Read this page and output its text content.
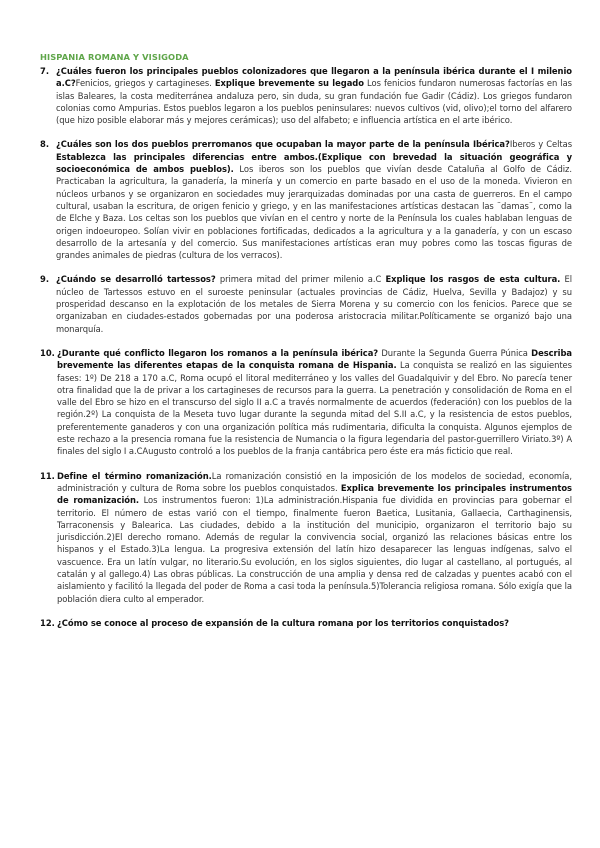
HISPANIA ROMANA Y VISIGODA
7. ¿Cuáles fueron los principales pueblos colonizadores que llegaron a la península ibérica durante el I milenio a.C?Fenicios, griegos y cartagineses. Explique brevemente su legado Los fenicios fundaron numerosas factorías en las islas Baleares, la costa mediterránea andaluza pero, sin duda, su gran fundación fue Gadir (Cádiz). Los griegos fundaron colonias como Ampurias. Estos pueblos legaron a los pueblos peninsulares: nuevos cultivos (vid, olivo);el torno del alfarero (que hizo posible elaborar más y mejores cerámicas); uso del alfabeto; e influencia artística en el arte ibérico.
8. ¿Cuáles son los dos pueblos prerromanos que ocupaban la mayor parte de la península Ibérica?Iberos y Celtas Establezca las principales diferencias entre ambos.(Explique con brevedad la situación geográfica y socioeconómica de ambos pueblos). Los iberos son los pueblos que vivían desde Cataluña al Golfo de Cádiz. Practicaban la agricultura, la ganadería, la minería y un comercio en parte basado en el uso de la moneda. Vivieron en núcleos urbanos y se organizaron en sociedades muy jerarquizadas dominadas por una casta de guerreros. En el campo cultural, usaban la escritura, de origen fenicio y griego, y en las manifestaciones artísticas destacan las ¨damas¨, como la de Elche y Baza. Los celtas son los pueblos que vivían en el centro y norte de la Península los cuales hablaban lenguas de origen indoeuropeo. Solían vivir en poblaciones fortificadas, dedicados a la agricultura y a la ganadería, y con un escaso desarrollo de la artesanía y del comercio. Sus manifestaciones artísticas eran muy pobres como las toscas figuras de grandes animales de piedras (cultura de los verracos).
9. ¿Cuándo se desarrolló tartessos? primera mitad del primer milenio a.C Explique los rasgos de esta cultura. El núcleo de Tartessos estuvo en el suroeste peninsular (actuales provincias de Cádiz, Huelva, Sevilla y Badajoz) y su prosperidad descanso en la explotación de los metales de Sierra Morena y su comercio con los fenicios. Parece que se organizaban en ciudades-estados gobernadas por una poderosa aristocracia militar.Políticamente se organizó bajo una monarquía.
10. ¿Durante qué conflicto llegaron los romanos a la península ibérica? Durante la Segunda Guerra Púnica Describa brevemente las diferentes etapas de la conquista romana de Hispania. La conquista se realizó en las siguientes fases: 1º) De 218 a 170 a.C, Roma ocupó el litoral mediterráneo y los valles del Guadalquivir y del Ebro. No parecía tener otra finalidad que la de privar a los cartagineses de recursos para la guerra. La penetración y consolidación de Roma en el valle del Ebro se hizo en el transcurso del siglo II a.C a través normalmente de acuerdos (federación) con los pueblos de la región.2º) La conquista de la Meseta tuvo lugar durante la segunda mitad del S.II a.C, y la resistencia de estos pueblos, preferentemente ganaderos y con una organización política más rudimentaria, dificulta la conquista. Algunos ejemplos de este rechazo a la presencia romana fue la resistencia de Numancia o la figura legendaria del pastor-guerrillero Viriato.3º) A finales del siglo I a.CAugusto controló a los pueblos de la franja cantábrica pero éste era más ficticio que real.
11. Define el término romanización.La romanización consistió en la imposición de los modelos de sociedad, economía, administración y cultura de Roma sobre los pueblos conquistados. Explica brevemente los principales instrumentos de romanización. Los instrumentos fueron: 1)La administración.Hispania fue dividida en provincias para gobernar el territorio. El número de estas varió con el tiempo, finalmente fueron Baetica, Lusitania, Gallaecia, Carthaginensis, Tarraconensis y Balearica. Las ciudades, debido a la institución del municipio, organizaron el territorio bajo su jurisdicción.2)El derecho romano. Además de regular la convivencia social, organizó las relaciones básicas entre los hispanos y el Estado.3)La lengua. La progresiva extensión del latín hizo desaparecer las lenguas indígenas, salvo el vascuence. Era un latín vulgar, no literario.Su evolución, en los siglos siguientes, dio lugar al castellano, al portugués, al catalán y al gallego.4) Las obras públicas. La construcción de una amplia y densa red de calzadas y puentes acabó con el aislamiento y facilitó la llegada del poder de Roma a casi toda la península.5)Tolerancia religiosa romana. Sólo exigía que la población diera culto al emperador.
12. ¿Cómo se conoce al proceso de expansión de la cultura romana por los territorios conquistados?
